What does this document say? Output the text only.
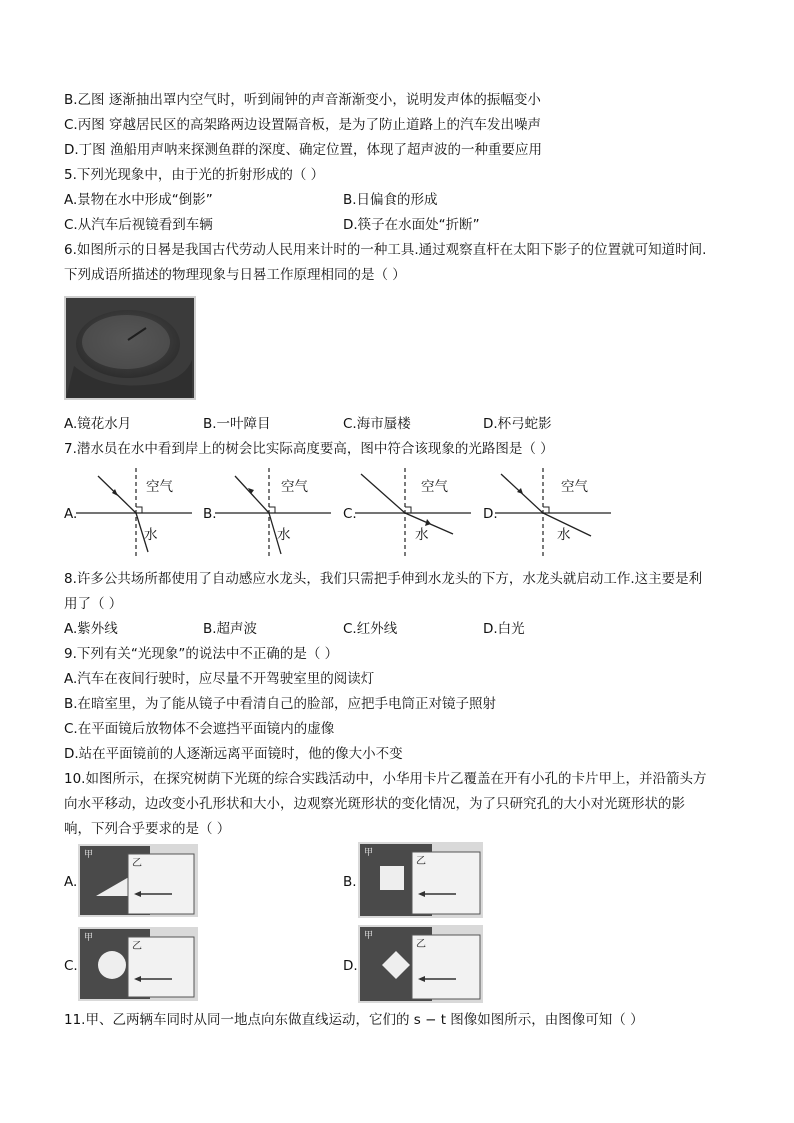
B.乙图 逐渐抽出罩内空气时，听到闹钟的声音渐渐变小，说明发声体的振幅变小
C.丙图 穿越居民区的高架路两边设置隔音板，是为了防止道路上的汽车发出噪声
D.丁图 渔船用声呐来探测鱼群的深度、确定位置，体现了超声波的一种重要应用
5.下列光现象中，由于光的折射形成的（ ）
A.景物在水中形成“倒影”	B.日偏食的形成
C.从汽车后视镜看到车辆	D.筷子在水面处“折断”
6.如图所示的日晷是我国古代劳动人民用来计时的一种工具.通过观察直杆在太阳下影子的位置就可知道时间.
下列成语所描述的物理现象与日晷工作原理相同的是（ ）
A.镜花水月	B.一叶障目	C.海市蜃楼	D.杯弓蛇影
7.潜水员在水中看到岸上的树会比实际高度要高，图中符合该现象的光路图是（ ）
A.
空气
水
B.
空气
水
C.
空气
水
D.
空气
水
8.许多公共场所都使用了自动感应水龙头，我们只需把手伸到水龙头的下方，水龙头就启动工作.这主要是利
用了（ ）
A.紫外线	B.超声波	C.红外线	D.白光
9.下列有关“光现象”的说法中不正确的是（ ）
A.汽车在夜间行驶时，应尽量不开驾驶室里的阅读灯
B.在暗室里，为了能从镜子中看清自己的脸部，应把手电筒正对镜子照射
C.在平面镜后放物体不会遮挡平面镜内的虚像
D.站在平面镜前的人逐渐远离平面镜时，他的像大小不变
10.如图所示，在探究树荫下光斑的综合实践活动中，小华用卡片乙覆盖在开有小孔的卡片甲上，并沿箭头方
向水平移动，边改变小孔形状和大小，边观察光斑形状的变化情况，为了只研究孔的大小对光斑形状的影
响，下列合乎要求的是（ ）
A.
甲
乙
B.
甲
乙
C.
甲
乙
D.
甲
乙
11.甲、乙两辆车同时从同一地点向东做直线运动，它们的 s − t 图像如图所示，由图像可知（ ）
